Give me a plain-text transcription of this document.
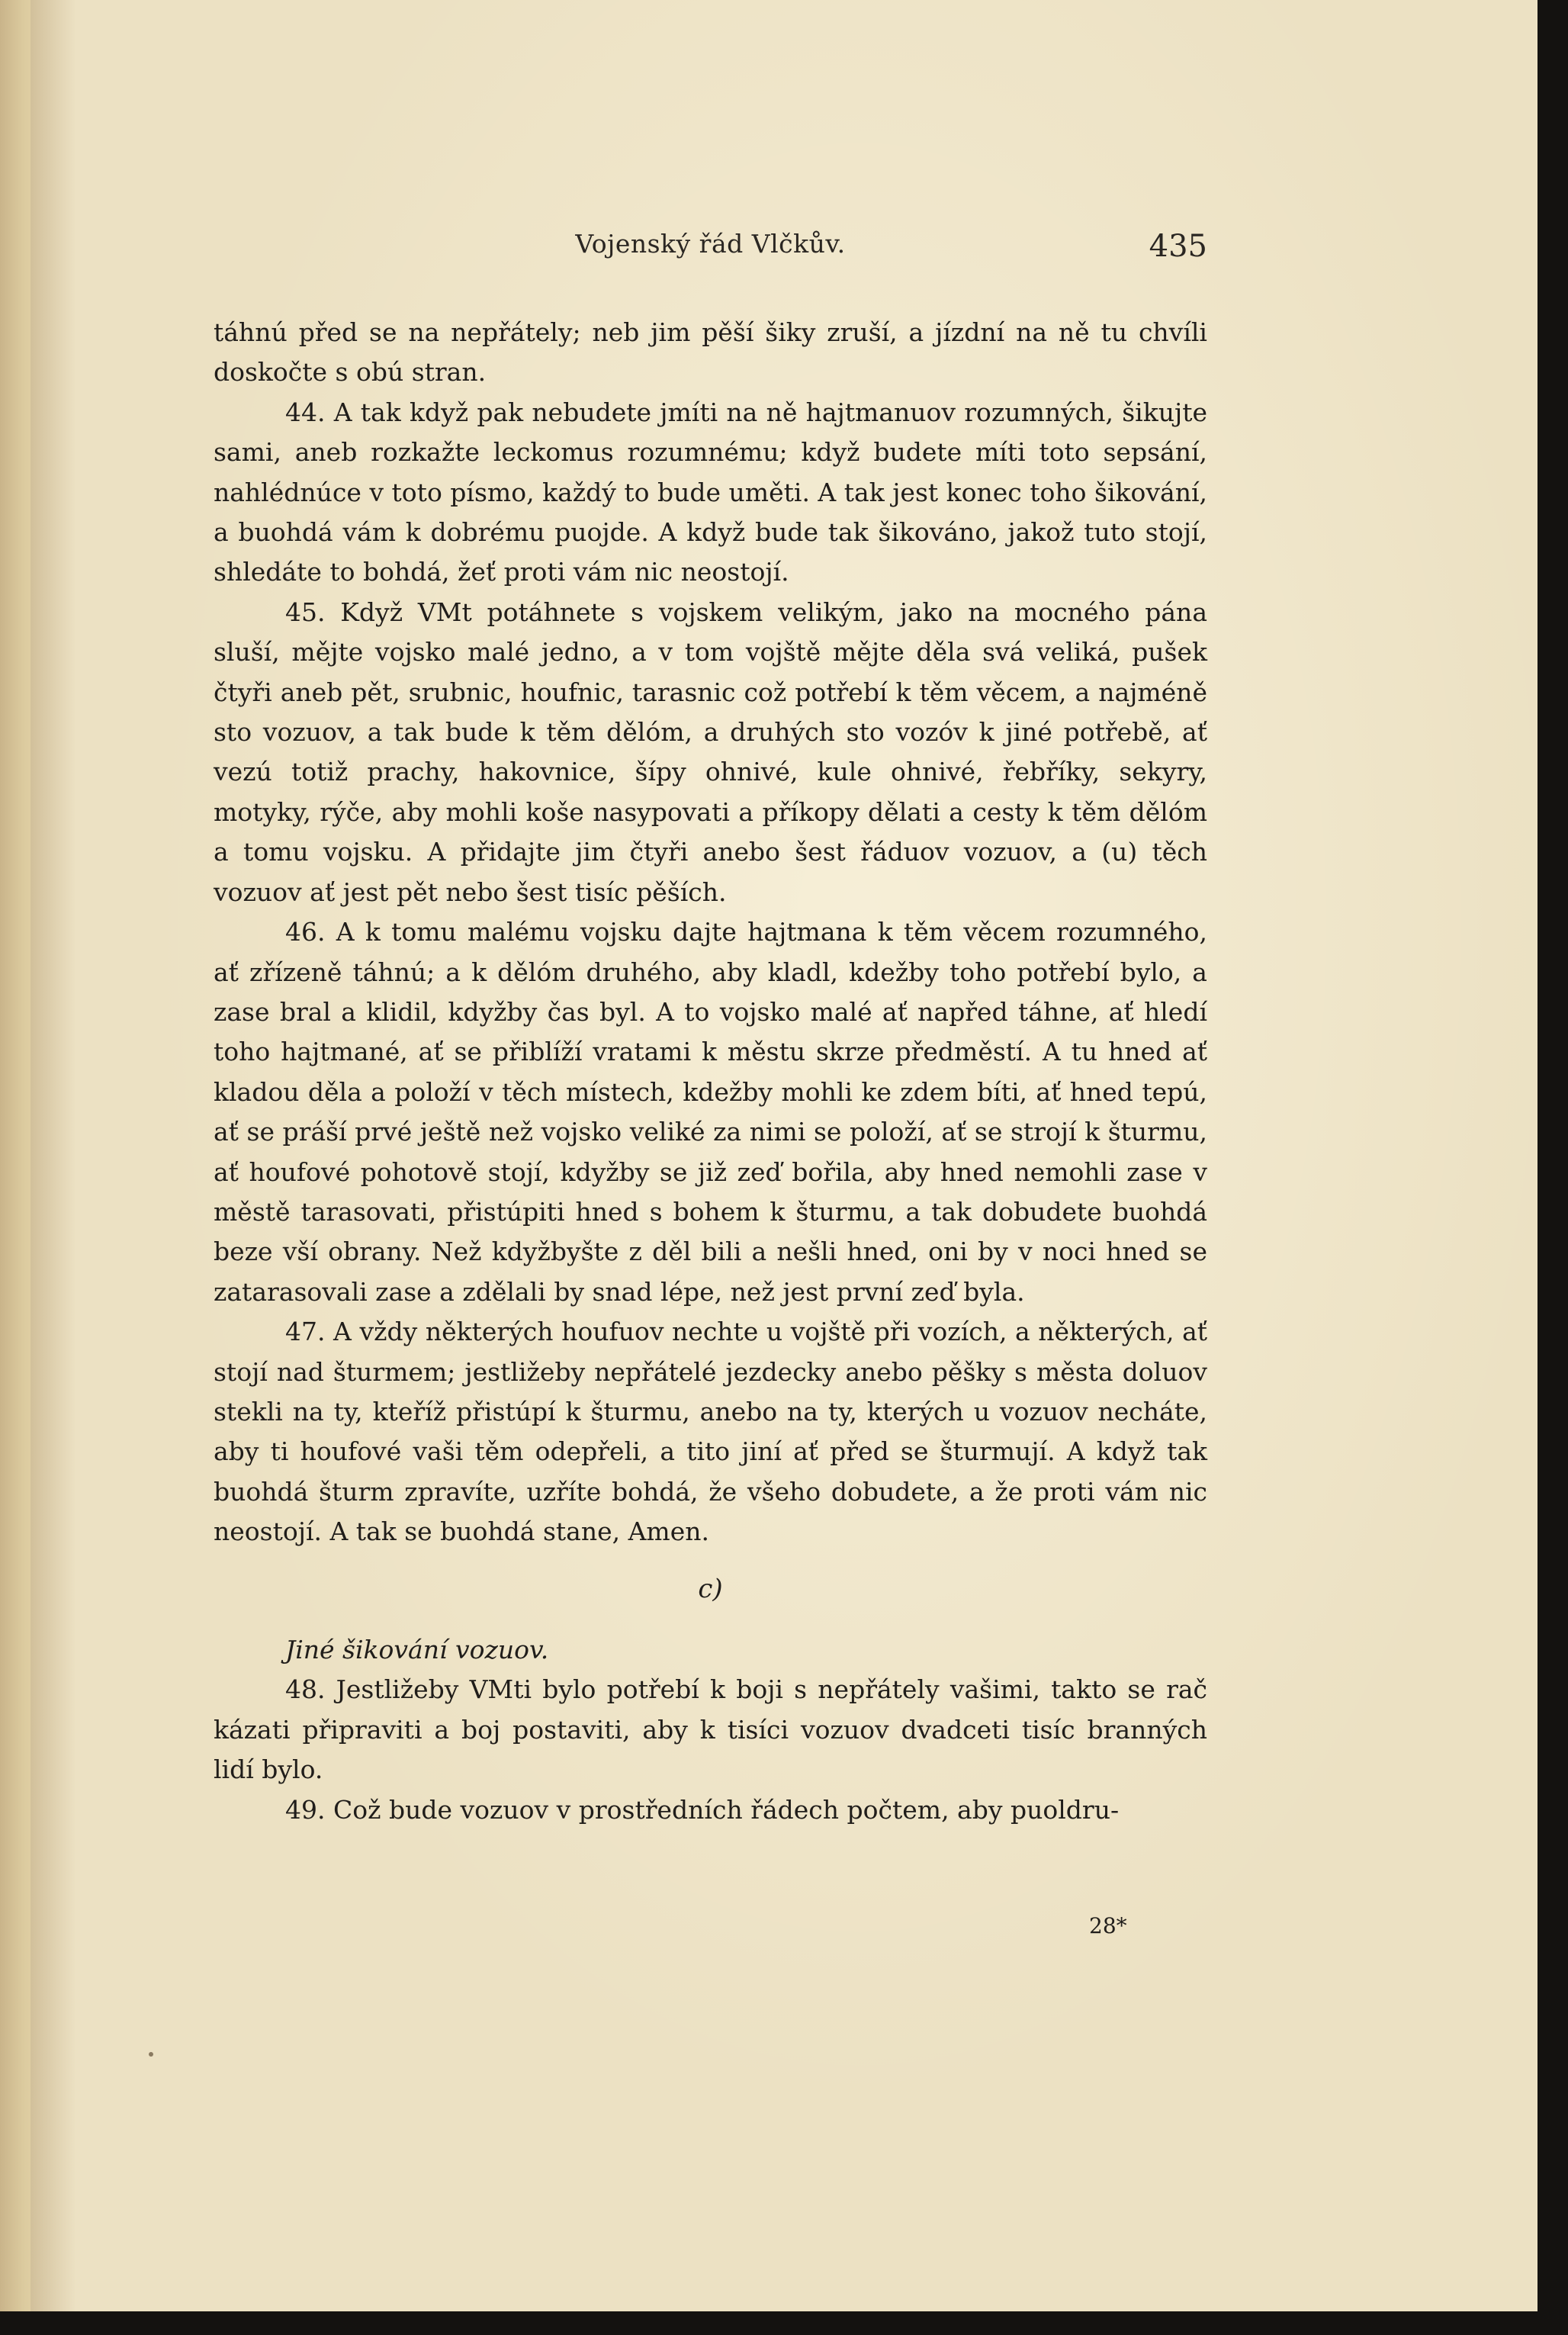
Vojenský řád Vlčkův.	435

táhnú před se na nepřátely; neb jim pěší šiky zruší, a jízdní na ně tu chvíli doskočte s obú stran.

44. A tak když pak nebudete jmíti na ně hajtmanuov rozumných, šikujte sami, aneb rozkažte leckomus rozumnému; když budete míti toto sepsání, nahlédnúce v toto písmo, každý to bude uměti. A tak jest konec toho šikování, a buohdá vám k dobrému puojde. A když bude tak šikováno, jakož tuto stojí, shledáte to bohdá, žeť proti vám nic neostojí.

45. Když VMt potáhnete s vojskem velikým, jako na mocného pána sluší, mějte vojsko malé jedno, a v tom vojště mějte děla svá veliká, pušek čtyři aneb pět, srubnic, houfnic, tarasnic což potřebí k těm věcem, a najméně sto vozuov, a tak bude k těm dělóm, a druhých sto vozóv k jiné potřebě, ať vezú totiž prachy, hakovnice, šípy ohnivé, kule ohnivé, řebříky, sekyry, motyky, rýče, aby mohli koše nasypovati a příkopy dělati a cesty k těm dělóm a tomu vojsku. A přidajte jim čtyři anebo šest řáduov vozuov, a (u) těch vozuov ať jest pět nebo šest tisíc pěších.

46. A k tomu malému vojsku dajte hajtmana k těm věcem rozumného, ať zřízeně táhnú; a k dělóm druhého, aby kladl, kdežby toho potřebí bylo, a zase bral a klidil, kdyžby čas byl. A to vojsko malé ať napřed táhne, ať hledí toho hajtmané, ať se přiblíží vratami k městu skrze předměstí. A tu hned ať kladou děla a položí v těch místech, kdežby mohli ke zdem bíti, ať hned tepú, ať se práší prvé ještě než vojsko veliké za nimi se položí, ať se strojí k šturmu, ať houfové pohotově stojí, kdyžby se již zeď bořila, aby hned nemohli zase v městě tarasovati, přistúpiti hned s bohem k šturmu, a tak dobudete buohdá beze vší obrany. Než kdyžbyšte z děl bili a nešli hned, oni by v noci hned se zatarasovali zase a zdělali by snad lépe, než jest první zeď byla.

47. A vždy některých houfuov nechte u vojště při vozích, a některých, ať stojí nad šturmem; jestližeby nepřátelé jezdecky anebo pěšky s města doluov stekli na ty, kteříž přistúpí k šturmu, anebo na ty, kterých u vozuov necháte, aby ti houfové vaši těm odepřeli, a tito jiní ať před se šturmují. A když tak buohdá šturm zpravíte, uzříte bohdá, že všeho dobudete, a že proti vám nic neostojí. A tak se buohdá stane, Amen.

c)
Jiné šikování vozuov.

48. Jestližeby VMti bylo potřebí k boji s nepřátely vašimi, takto se rač kázati připraviti a boj postaviti, aby k tisíci vozuov dvadceti tisíc branných lidí bylo.

49. Což bude vozuov v prostředních řádech počtem, aby puoldru-

28*
